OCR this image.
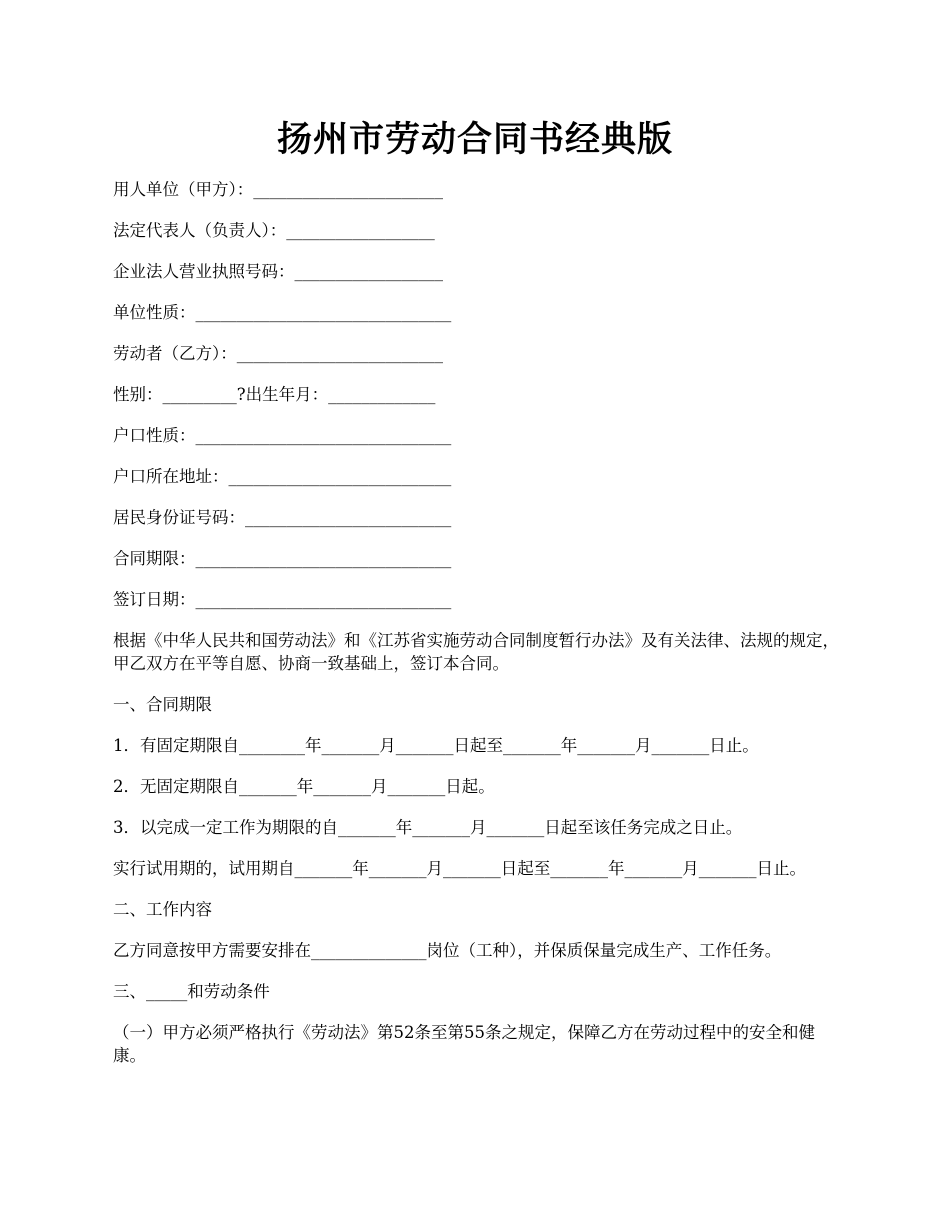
扬州市劳动合同书经典版
用人单位（甲方）：_______________________
法定代表人（负责人）：__________________
企业法人营业执照号码：__________________
单位性质：_______________________________
劳动者（乙方）：_________________________
性别：_________?出生年月：_____________
户口性质：_______________________________
户口所在地址：___________________________
居民身份证号码：_________________________
合同期限：_______________________________
签订日期：_______________________________

根据《中华人民共和国劳动法》和《江苏省实施劳动合同制度暂行办法》及有关法律、法规的规定，甲乙双方在平等自愿、协商一致基础上，签订本合同。

一、合同期限

1．有固定期限自________年_______月_______日起至_______年_______月_______日止。

2．无固定期限自_______年_______月_______日起。

3．以完成一定工作为期限的自_______年_______月_______日起至该任务完成之日止。

实行试用期的，试用期自_______年_______月_______日起至_______年_______月_______日止。

二、工作内容

乙方同意按甲方需要安排在______________岗位（工种），并保质保量完成生产、工作任务。

三、_____和劳动条件

（一）甲方必须严格执行《劳动法》第52条至第55条之规定，保障乙方在劳动过程中的安全和健康。
